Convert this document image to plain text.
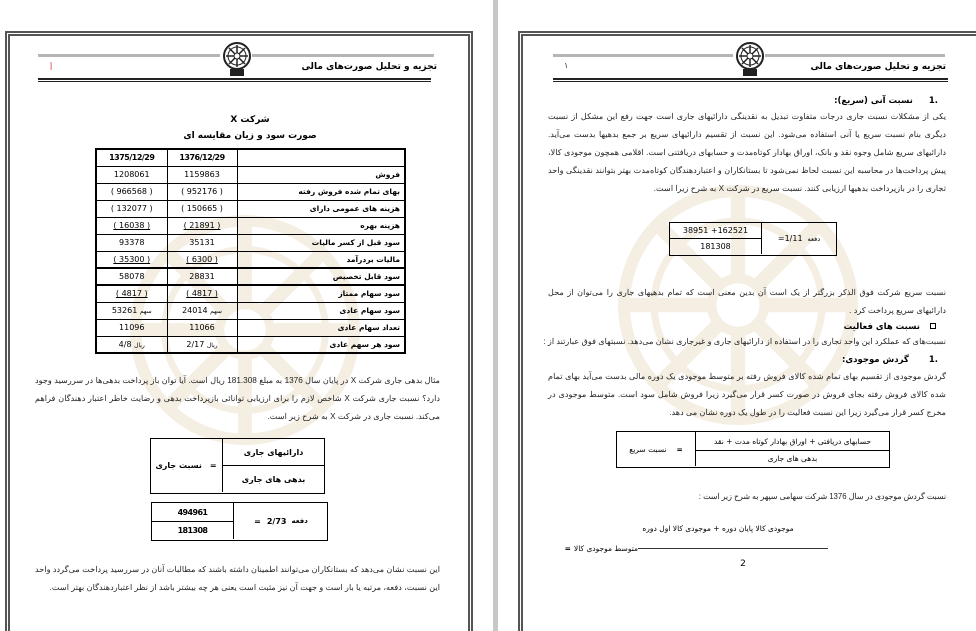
تجزیه و تحلیل صورت‌های مالی
أ
شرکت X
صورت سود و زیان مقایسه ای
1375/12/29	1376/12/29	
1208061	1159863	فروش
( 966568 )	( 952176 )	بهای تمام شده فروش رفته
( 132077 )	( 150665 )	هزینه های عمومی دارای
( 16038 )	( 21891 )	هزینه بهره
93378	35131	سود قبل از کسر مالیات
( 35300 )	( 6300 )	مالیات بردرآمد
58078	28831	سود قابل تخصیص
( 4817 )	( 4817 )	سود سهام ممتاز
53261 سهم	24014 سهم	سود سهام عادی
11096	11066	تعداد سهام عادی
4/8 ریال	2/17 ریال	سود هر سهم عادی
مثال بدهی جاری شرکت X در پایان سال 1376 به مبلغ 181.308 ریال است. آیا توان باز پرداخت بدهی‌ها در سررسید وجود دارد؟ نسبت جاری شرکت X شاخص لازم را برای ارزیابی توانائی بازپرداخت بدهی و رضایت خاطر اعتبار دهندگان فراهم می‌کند. نسبت جاری در شرکت X به شرح زیر است.
دارائیهای جاری
بدهی های جاری
=
نسبت جاری
494961
181308
دفعه
2/73
=
این نسبت نشان می‌دهد که بستانکاران می‌توانند اطمینان داشته باشند که مطالبات آنان در سررسید پرداخت می‌گردد واحد این نسبت، دفعه، مرتبه یا بار است و جهت آن نیز مثبت است یعنی هر چه بیشتر باشد از نظر اعتباردهندگان بهتر است.
تجزیه و تحلیل صورت‌های مالی
١
1.نسبت آنی (سریع):
یکی از مشکلات نسبت جاری درجات متفاوت تبدیل به نقدینگی دارائیهای جاری است جهت رفع این مشکل از نسبت دیگری بنام نسبت سریع یا آنی استفاده می‌شود. این نسبت از تقسیم دارائیهای سریع بر جمع بدهیها بدست می‌آید. دارائیهای سریع شامل وجوه نقد و بانک، اوراق بهادار کوتاه‌مدت و حسابهای دریافتنی است. اقلامی همچون موجودی کالا، پیش پرداخت‌ها در محاسبه این نسبت لحاظ نمی‌شود تا بستانکاران و اعتباردهندگان کوتاه‌مدت بهتر بتوانند نقدینگی واحد تجاری را در بازپرداخت بدهیها ارزیابی کنند. نسبت سریع در شرکت X به شرح زیرا است.
38951 +162521
181308
دفعه
=1/11
نسبت سریع شرکت فوق الذکر بزرگتر از یک است آن بدین معنی است که تمام بدهیهای جاری را می‌توان از محل دارائیهای سریع پرداخت کرد .
نسبت های فعالیت
نسبت‌های که عملکرد این واحد تجاری را در استفاده از دارائیهای جاری و غیرجاری نشان می‌دهد. نسبتهای فوق عبارتند از :
1.گردش موجودی:
گردش موجودی از تقسیم بهای تمام شده کالای فروش رفته بر متوسط موجودی یک دوره مالی بدست می‌آید بهای تمام شده کالای فروش رفته بجای فروش در صورت کسر قرار می‌گیرد زیرا فروش شامل سود است. متوسط موجودی در مخرج کسر قرار می‌گیرد زیرا این نسبت فعالیت را در طول یک دوره نشان می دهد.
حسابهای دریافتی + اوراق بهادار کوتاه مدت + نقد
بدهی های جاری
=
نسبت سریع
نسبت گردش موجودی در سال 1376 شرکت سهامی سپهر به شرح زیر است :
موجودی کالا پایان دوره + موجودی کالا اول دوره
متوسط موجودی کالا
=
2
